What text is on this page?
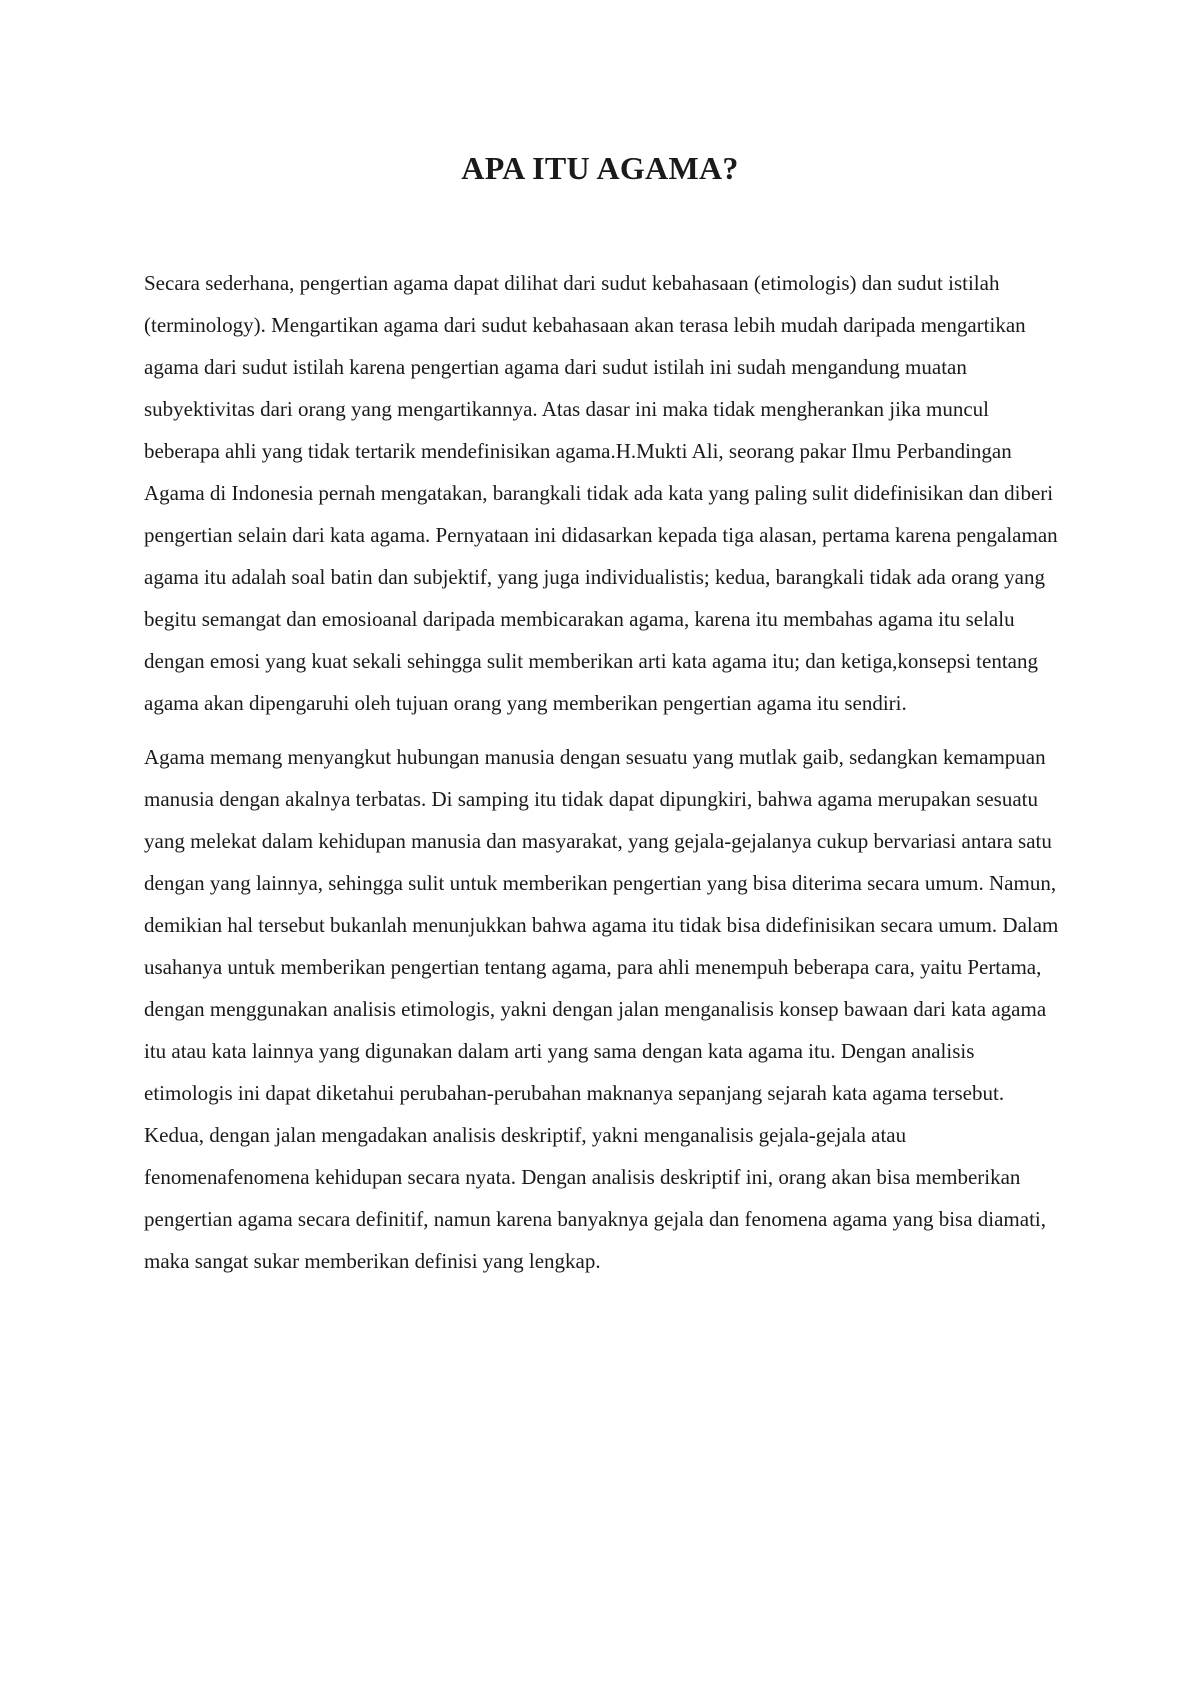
APA ITU AGAMA?

Secara sederhana, pengertian agama dapat dilihat dari sudut kebahasaan (etimologis) dan sudut istilah (terminology). Mengartikan agama dari sudut kebahasaan akan terasa lebih mudah daripada mengartikan agama dari sudut istilah karena pengertian agama dari sudut istilah ini sudah mengandung muatan subyektivitas dari orang yang mengartikannya. Atas dasar ini maka tidak mengherankan jika muncul beberapa ahli yang tidak tertarik mendefinisikan agama.H.Mukti Ali, seorang pakar Ilmu Perbandingan Agama di Indonesia pernah mengatakan, barangkali tidak ada kata yang paling sulit didefinisikan dan diberi pengertian selain dari kata agama. Pernyataan ini didasarkan kepada tiga alasan, pertama karena pengalaman agama itu adalah soal batin dan subjektif, yang juga individualistis; kedua, barangkali tidak ada orang yang begitu semangat dan emosioanal daripada membicarakan agama, karena itu membahas agama itu selalu dengan emosi yang kuat sekali sehingga sulit memberikan arti kata agama itu; dan ketiga,konsepsi tentang agama akan dipengaruhi oleh tujuan orang yang memberikan pengertian agama itu sendiri.

Agama memang menyangkut hubungan manusia dengan sesuatu yang mutlak gaib, sedangkan kemampuan manusia dengan akalnya terbatas. Di samping itu tidak dapat dipungkiri, bahwa agama merupakan sesuatu yang melekat dalam kehidupan manusia dan masyarakat, yang gejala-gejalanya cukup bervariasi antara satu dengan yang lainnya, sehingga sulit untuk memberikan pengertian yang bisa diterima secara umum. Namun, demikian hal tersebut bukanlah menunjukkan bahwa agama itu tidak bisa didefinisikan secara umum. Dalam usahanya untuk memberikan pengertian tentang agama, para ahli menempuh beberapa cara, yaitu Pertama, dengan menggunakan analisis etimologis, yakni dengan jalan menganalisis konsep bawaan dari kata agama itu atau kata lainnya yang digunakan dalam arti yang sama dengan kata agama itu. Dengan analisis etimologis ini dapat diketahui perubahan-perubahan maknanya sepanjang sejarah kata agama tersebut. Kedua, dengan jalan mengadakan analisis deskriptif, yakni menganalisis gejala-gejala atau fenomenafenomena kehidupan secara nyata. Dengan analisis deskriptif ini, orang akan bisa memberikan pengertian agama secara definitif, namun karena banyaknya gejala dan fenomena agama yang bisa diamati, maka sangat sukar memberikan definisi yang lengkap.
